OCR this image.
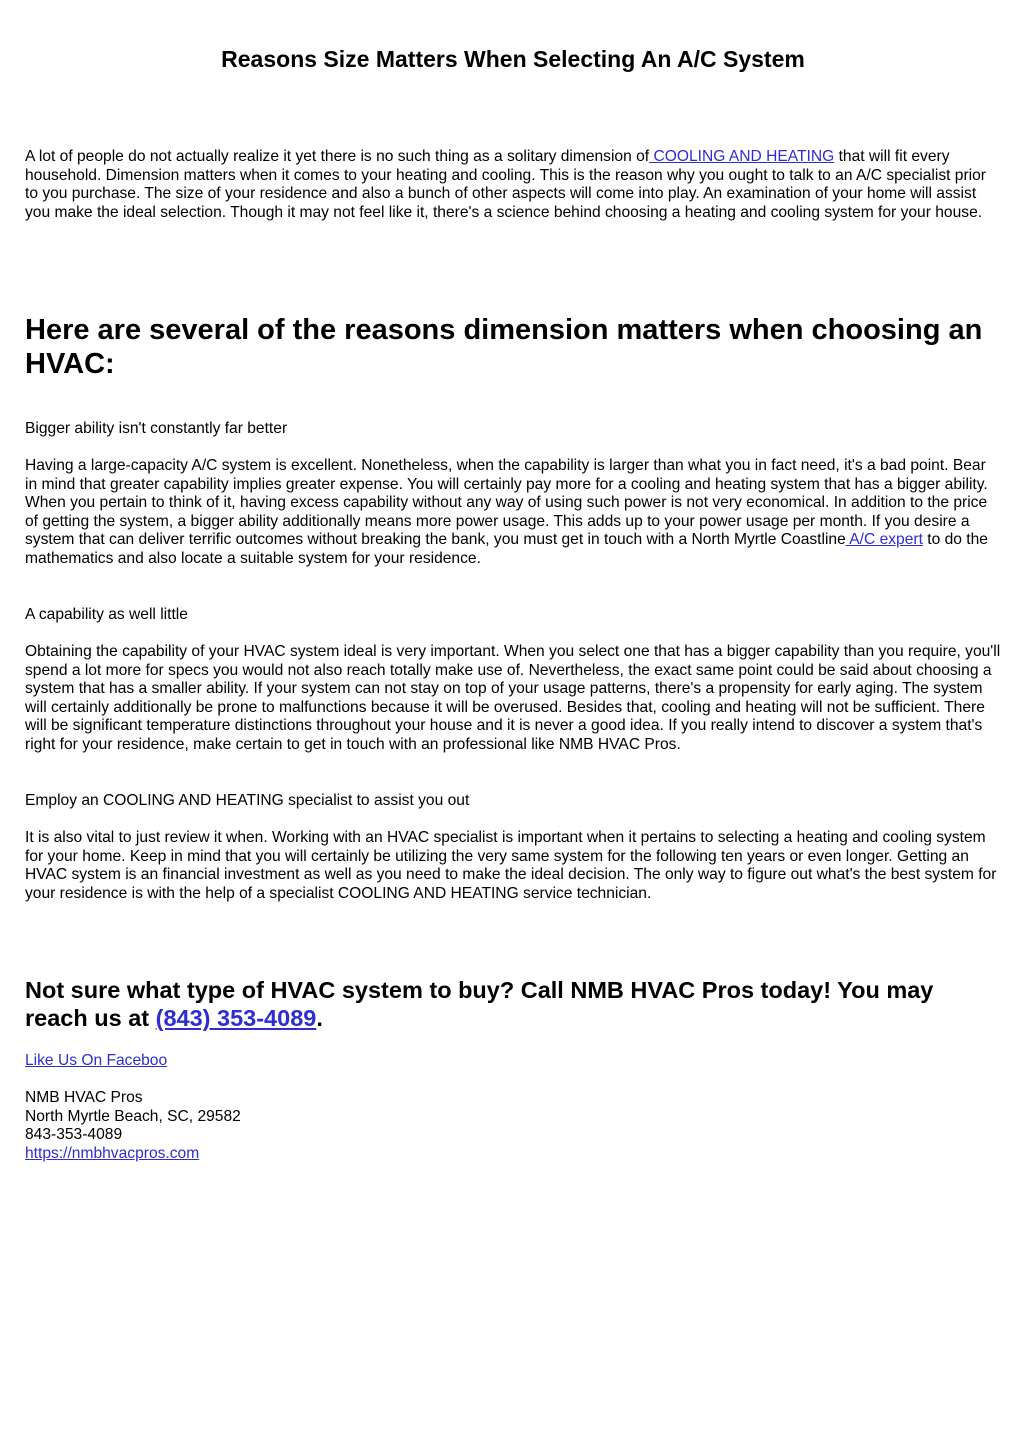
Reasons Size Matters When Selecting An A/C System

A lot of people do not actually realize it yet there is no such thing as a solitary dimension of COOLING AND HEATING that will fit every household. Dimension matters when it comes to your heating and cooling. This is the reason why you ought to talk to an A/C specialist prior to you purchase. The size of your residence and also a bunch of other aspects will come into play. An examination of your home will assist you make the ideal selection. Though it may not feel like it, there's a science behind choosing a heating and cooling system for your house.

Here are several of the reasons dimension matters when choosing an HVAC:

Bigger ability isn't constantly far better

Having a large-capacity A/C system is excellent. Nonetheless, when the capability is larger than what you in fact need, it's a bad point. Bear in mind that greater capability implies greater expense. You will certainly pay more for a cooling and heating system that has a bigger ability. When you pertain to think of it, having excess capability without any way of using such power is not very economical. In addition to the price of getting the system, a bigger ability additionally means more power usage. This adds up to your power usage per month. If you desire a system that can deliver terrific outcomes without breaking the bank, you must get in touch with a North Myrtle Coastline A/C expert to do the mathematics and also locate a suitable system for your residence.

A capability as well little

Obtaining the capability of your HVAC system ideal is very important. When you select one that has a bigger capability than you require, you'll spend a lot more for specs you would not also reach totally make use of. Nevertheless, the exact same point could be said about choosing a system that has a smaller ability. If your system can not stay on top of your usage patterns, there's a propensity for early aging. The system will certainly additionally be prone to malfunctions because it will be overused. Besides that, cooling and heating will not be sufficient. There will be significant temperature distinctions throughout your house and it is never a good idea. If you really intend to discover a system that's right for your residence, make certain to get in touch with an professional like NMB HVAC Pros.

Employ an COOLING AND HEATING specialist to assist you out

It is also vital to just review it when. Working with an HVAC specialist is important when it pertains to selecting a heating and cooling system for your home. Keep in mind that you will certainly be utilizing the very same system for the following ten years or even longer. Getting an HVAC system is an financial investment as well as you need to make the ideal decision. The only way to figure out what's the best system for your residence is with the help of a specialist COOLING AND HEATING service technician.

Not sure what type of HVAC system to buy? Call NMB HVAC Pros today! You may reach us at (843) 353-4089.

Like Us On Faceboo

NMB HVAC Pros

North Myrtle Beach, SC, 29582

843-353-4089

https://nmbhvacpros.com
